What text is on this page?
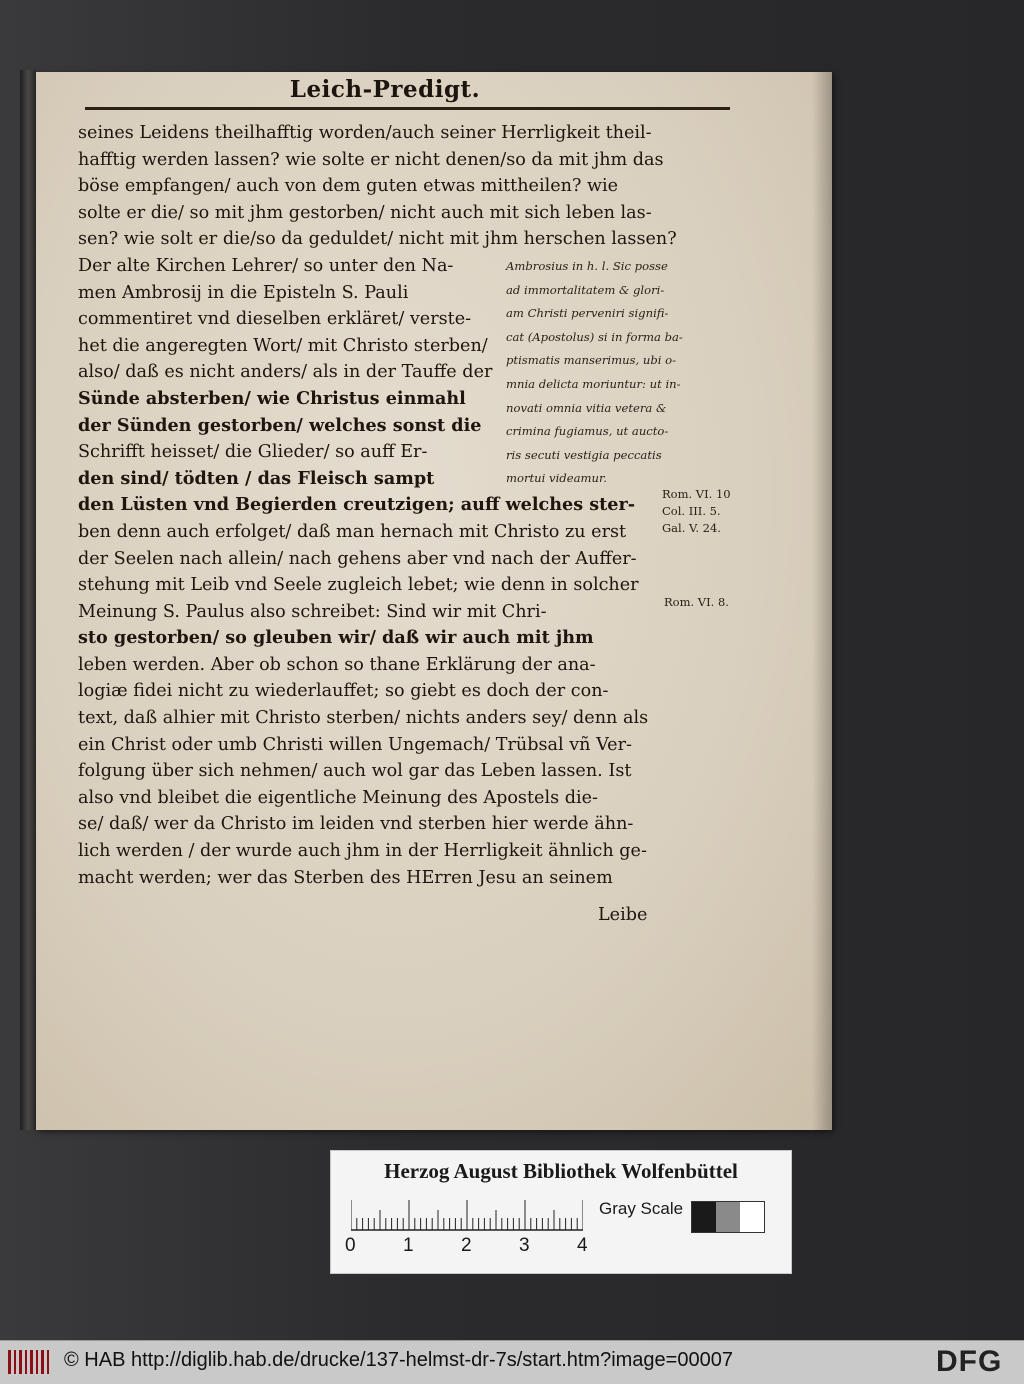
Leich-Predigt.
seines Leidens theilhafftig worden/auch seiner Herrligkeit theil-
hafftig werden lassen? wie solte er nicht denen/so da mit jhm das
böse empfangen/ auch von dem guten etwas mittheilen? wie
solte er die/ so mit jhm gestorben/ nicht auch mit sich leben las-
sen? wie solt er die/so da geduldet/ nicht mit jhm herschen lassen?
Der alte Kirchen Lehrer/ so unter den Na-
men Ambrosij in die Episteln S. Pauli
commentiret vnd dieselben erkläret/ verste-
het die angeregten Wort/ mit Christo sterben/
also/ daß es nicht anders/ als in der Tauffe der
Sünde absterben/ wie Christus einmahl
der Sünden gestorben/ welches sonst die
Schrifft heisset/ die Glieder/ so auff Er-
den sind/ tödten / das Fleisch sampt
den Lüsten vnd Begierden creutzigen; auff welches ster-
ben denn auch erfolget/ daß man hernach mit Christo zu erst
der Seelen nach allein/ nach gehens aber vnd nach der Auffer-
stehung mit Leib vnd Seele zugleich lebet; wie denn in solcher
Meinung S. Paulus also schreibet: Sind wir mit Chri-
sto gestorben/ so gleuben wir/ daß wir auch mit jhm
leben werden. Aber ob schon so thane Erklärung der ana-
logiæ fidei nicht zu wiederlauffet; so giebt es doch der con-
text, daß alhier mit Christo sterben/ nichts anders sey/ denn als
ein Christ oder umb Christi willen Ungemach/ Trübsal vñ Ver-
folgung über sich nehmen/ auch wol gar das Leben lassen. Ist
also vnd bleibet die eigentliche Meinung des Apostels die-
se/ daß/ wer da Christo im leiden vnd sterben hier werde ähn-
lich werden / der wurde auch jhm in der Herrligkeit ähnlich ge-
macht werden; wer das Sterben des HErren Jesu an seinem
Leibe
Ambrosius in h. l. Sic posse
ad immortalitatem & glori-
am Christi perveniri signifi-
cat (Apostolus) si in forma ba-
ptismatis manserimus, ubi o-
mnia delicta moriuntur: ut in-
novati omnia vitia vetera &
crimina fugiamus, ut aucto-
ris secuti vestigia peccatis
mortui videamur.
Rom. VI. 10
Col. III. 5.
Gal. V. 24.
Rom. VI. 8.
Herzog August Bibliothek Wolfenbüttel
0 1 2 3 4
Gray Scale
© HAB http://diglib.hab.de/drucke/137-helmst-dr-7s/start.htm?image=00007	DFG
